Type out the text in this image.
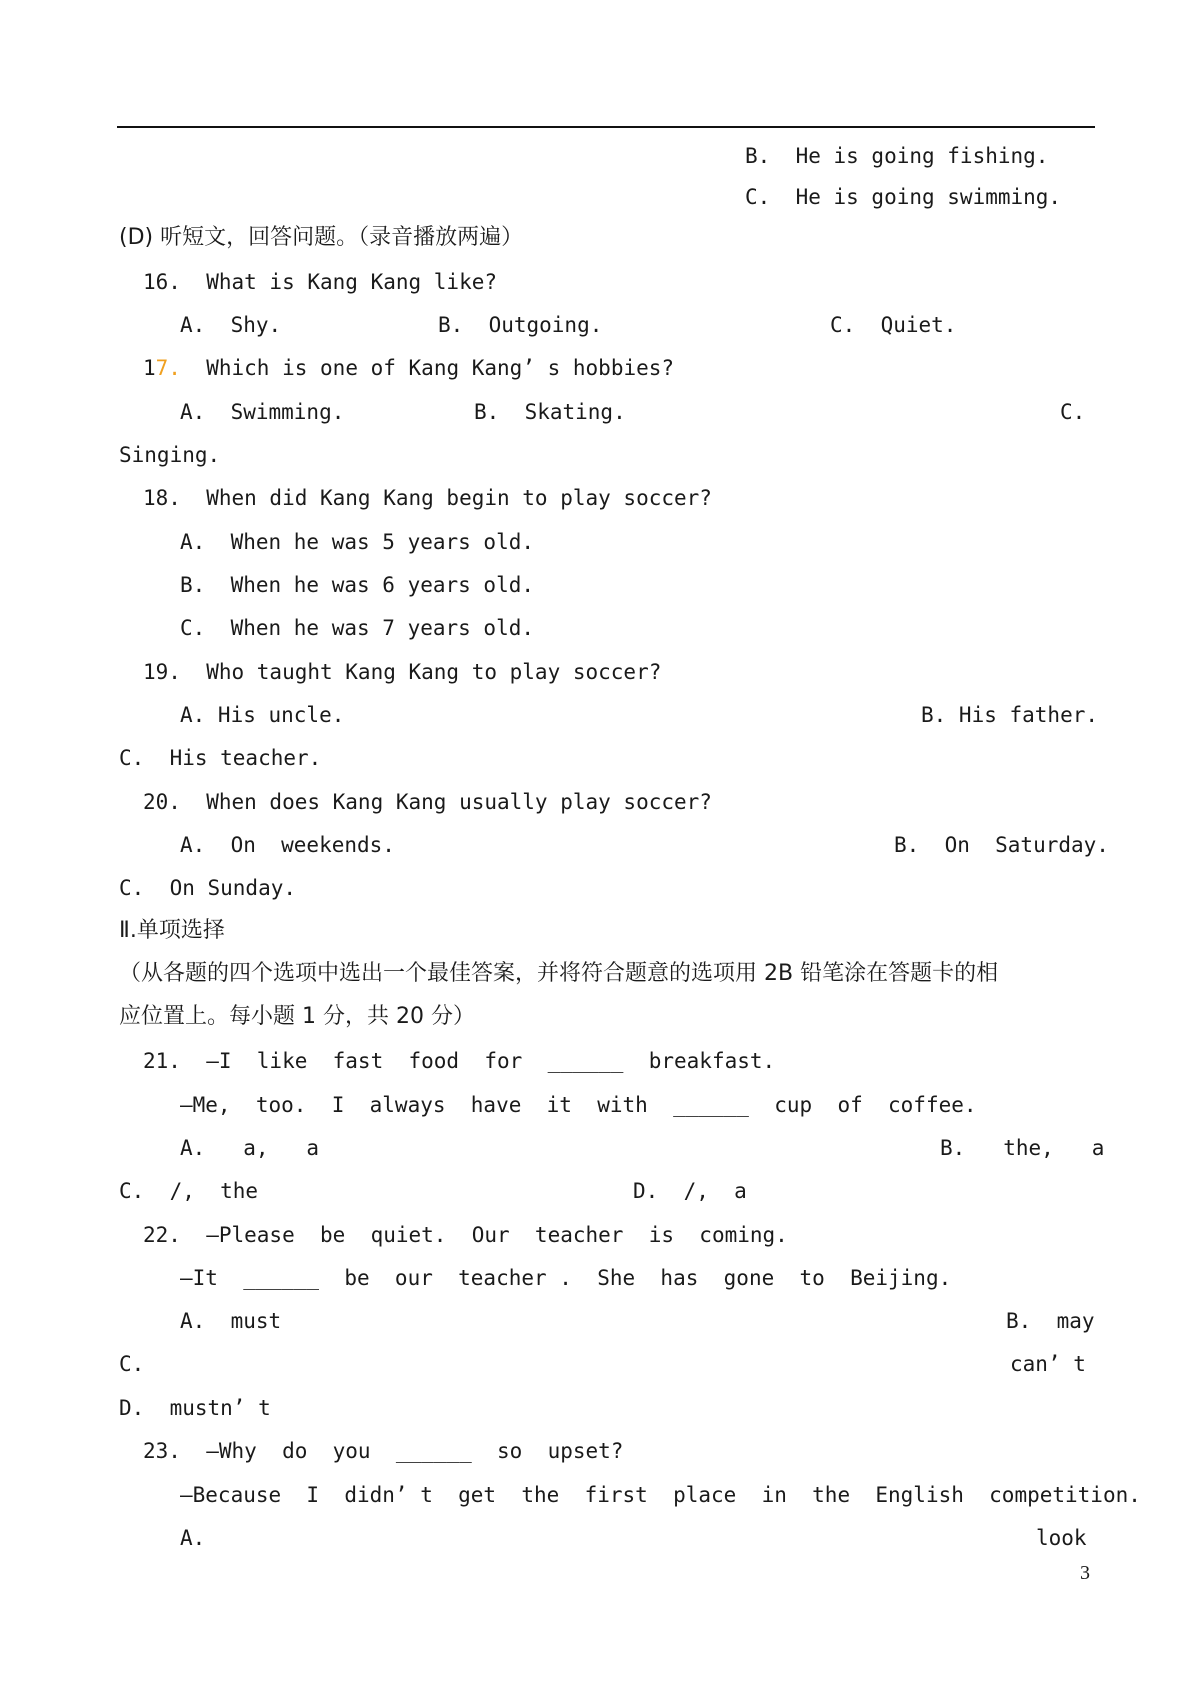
B.  He is going fishing.
C.  He is going swimming.
(D) 听短文，回答问题。（录音播放两遍）
16.  What is Kang Kang like?
A.  Shy.	B.  Outgoing.	C.  Quiet.
17.  Which is one of Kang Kang’ s hobbies?
A.  Swimming.	B.  Skating.	C.
Singing.
18.  When did Kang Kang begin to play soccer?
A.  When he was 5 years old.
B.  When he was 6 years old.
C.  When he was 7 years old.
19.  Who taught Kang Kang to play soccer?
A. His uncle.	B. His father.
C.  His teacher.
20.  When does Kang Kang usually play soccer?
A.  On  weekends.	B.  On  Saturday.
C.  On Sunday.
Ⅱ.单项选择
（从各题的四个选项中选出一个最佳答案，并将符合题意的选项用 2B 铅笔涂在答题卡的相
应位置上。每小题 1 分，共 20 分）
21.  —I  like  fast  food  for  ______  breakfast.
—Me,  too.  I  always  have  it  with  ______  cup  of  coffee.
A.   a,   a	B.   the,   a
C.  /,  the	D.  /,  a
22.  —Please  be  quiet.  Our  teacher  is  coming.
—It  ______  be  our  teacher .  She  has  gone  to  Beijing.
A.  must	B.  may
C.	can’ t
D.  mustn’ t
23.  —Why  do  you  ______  so  upset?
—Because  I  didn’ t  get  the  first  place  in  the  English  competition.
A.	look
3
